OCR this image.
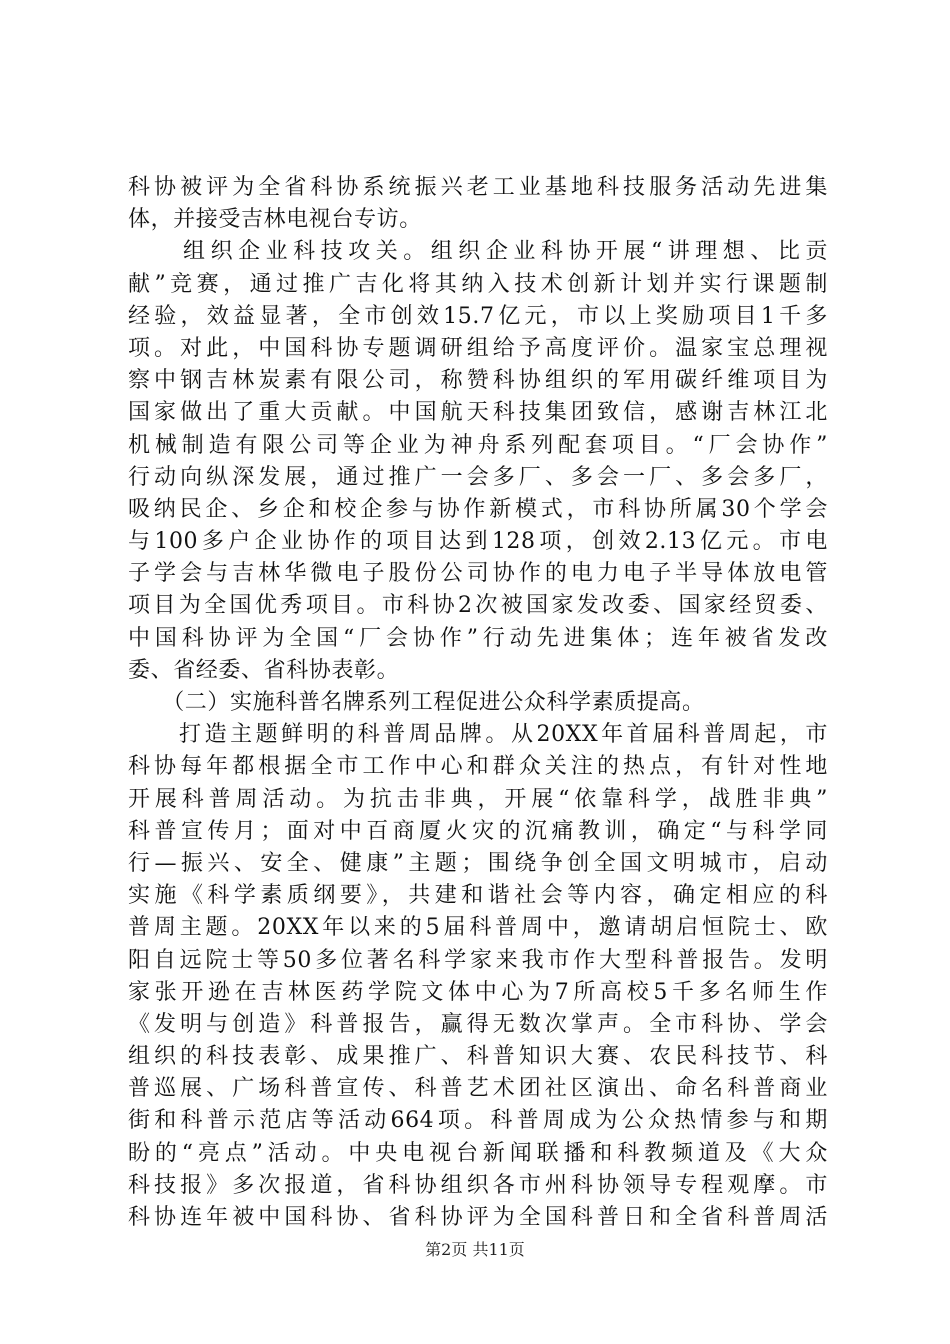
科协被评为全省科协系统振兴老工业基地科技服务活动先进集
体，并接受吉林电视台专访。
　　组织企业科技攻关。组织企业科协开展“讲理想、比贡
献”竞赛，通过推广吉化将其纳入技术创新计划并实行课题制
经验，效益显著，全市创效15.7亿元，市以上奖励项目1千多
项。对此，中国科协专题调研组给予高度评价。温家宝总理视
察中钢吉林炭素有限公司，称赞科协组织的军用碳纤维项目为
国家做出了重大贡献。中国航天科技集团致信，感谢吉林江北
机械制造有限公司等企业为神舟系列配套项目。“厂会协作”
行动向纵深发展，通过推广一会多厂、多会一厂、多会多厂，
吸纳民企、乡企和校企参与协作新模式，市科协所属30个学会
与100多户企业协作的项目达到128项，创效2.13亿元。市电
子学会与吉林华微电子股份公司协作的电力电子半导体放电管
项目为全国优秀项目。市科协2次被国家发改委、国家经贸委、
中国科协评为全国“厂会协作”行动先进集体；连年被省发改
委、省经委、省科协表彰。
　　（二）实施科普名牌系列工程促进公众科学素质提高。
　　打造主题鲜明的科普周品牌。从20XX年首届科普周起，市
科协每年都根据全市工作中心和群众关注的热点，有针对性地
开展科普周活动。为抗击非典，开展“依靠科学，战胜非典”
科普宣传月；面对中百商厦火灾的沉痛教训，确定“与科学同
行—振兴、安全、健康”主题；围绕争创全国文明城市，启动
实施《科学素质纲要》，共建和谐社会等内容，确定相应的科
普周主题。20XX年以来的5届科普周中，邀请胡启恒院士、欧
阳自远院士等50多位著名科学家来我市作大型科普报告。发明
家张开逊在吉林医药学院文体中心为7所高校5千多名师生作
《发明与创造》科普报告，赢得无数次掌声。全市科协、学会
组织的科技表彰、成果推广、科普知识大赛、农民科技节、科
普巡展、广场科普宣传、科普艺术团社区演出、命名科普商业
街和科普示范店等活动664项。科普周成为公众热情参与和期
盼的“亮点”活动。中央电视台新闻联播和科教频道及《大众
科技报》多次报道，省科协组织各市州科协领导专程观摩。市
科协连年被中国科协、省科协评为全国科普日和全省科普周活
第2页 共11页
